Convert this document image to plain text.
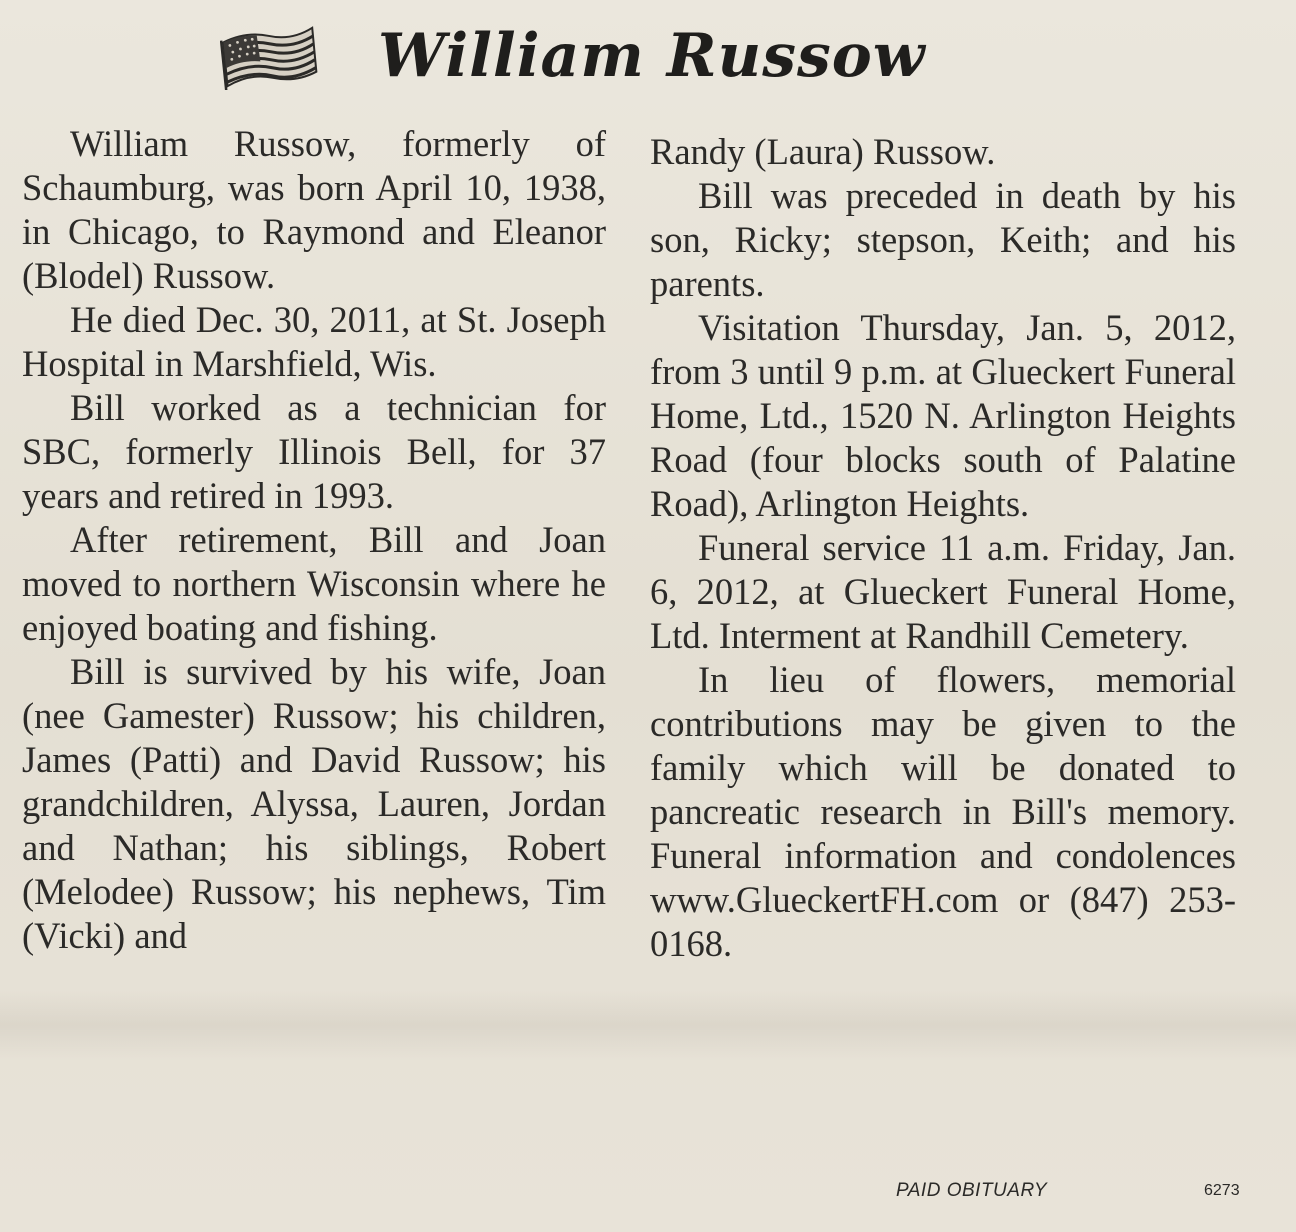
William Russow

William Russow, formerly of Schaumburg, was born April 10, 1938, in Chicago, to Raymond and Eleanor (Blodel) Russow.

He died Dec. 30, 2011, at St. Joseph Hospital in Marshfield, Wis.

Bill worked as a technician for SBC, formerly Illinois Bell, for 37 years and retired in 1993.

After retirement, Bill and Joan moved to northern Wisconsin where he enjoyed boating and fishing.

Bill is survived by his wife, Joan (nee Gamester) Russow; his children, James (Patti) and David Russow; his grandchildren, Alyssa, Lauren, Jordan and Nathan; his siblings, Robert (Melodee) Russow; his nephews, Tim (Vicki) and

Randy (Laura) Russow.

Bill was preceded in death by his son, Ricky; stepson, Keith; and his parents.

Visitation Thursday, Jan. 5, 2012, from 3 until 9 p.m. at Glueckert Funeral Home, Ltd., 1520 N. Arlington Heights Road (four blocks south of Palatine Road), Arlington Heights.

Funeral service 11 a.m. Friday, Jan. 6, 2012, at Glueckert Funeral Home, Ltd. Interment at Randhill Cemetery.

In lieu of flowers, memorial contributions may be given to the family which will be donated to pancreatic research in Bill's memory. Funeral information and condolences www.GlueckertFH.com or (847) 253-0168.

PAID OBITUARY	6273
